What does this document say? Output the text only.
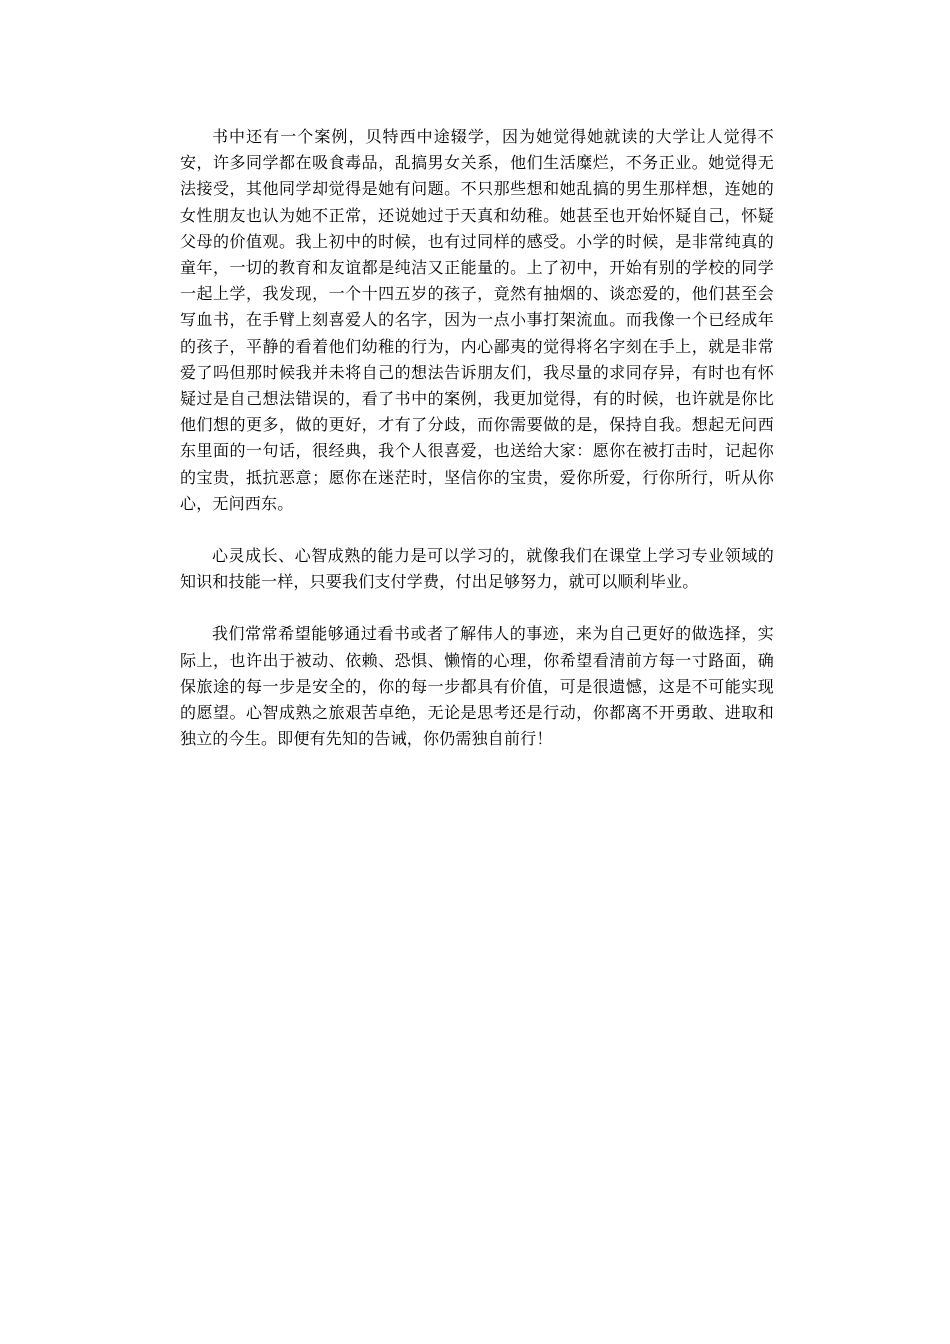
书中还有一个案例，贝特西中途辍学，因为她觉得她就读的大学让人觉得不安，许多同学都在吸食毒品，乱搞男女关系，他们生活糜烂，不务正业。她觉得无法接受，其他同学却觉得是她有问题。不只那些想和她乱搞的男生那样想，连她的女性朋友也认为她不正常，还说她过于天真和幼稚。她甚至也开始怀疑自己，怀疑父母的价值观。我上初中的时候，也有过同样的感受。小学的时候，是非常纯真的童年，一切的教育和友谊都是纯洁又正能量的。上了初中，开始有别的学校的同学一起上学，我发现，一个十四五岁的孩子，竟然有抽烟的、谈恋爱的，他们甚至会写血书，在手臂上刻喜爱人的名字，因为一点小事打架流血。而我像一个已经成年的孩子，平静的看着他们幼稚的行为，内心鄙夷的觉得将名字刻在手上，就是非常爱了吗但那时候我并未将自己的想法告诉朋友们，我尽量的求同存异，有时也有怀疑过是自己想法错误的，看了书中的案例，我更加觉得，有的时候，也许就是你比他们想的更多，做的更好，才有了分歧，而你需要做的是，保持自我。想起无问西东里面的一句话，很经典，我个人很喜爱，也送给大家：愿你在被打击时，记起你的宝贵，抵抗恶意；愿你在迷茫时，坚信你的宝贵，爱你所爱，行你所行，听从你心，无问西东。

心灵成长、心智成熟的能力是可以学习的，就像我们在课堂上学习专业领域的知识和技能一样，只要我们支付学费，付出足够努力，就可以顺利毕业。

我们常常希望能够通过看书或者了解伟人的事迹，来为自己更好的做选择，实际上，也许出于被动、依赖、恐惧、懒惰的心理，你希望看清前方每一寸路面，确保旅途的每一步是安全的，你的每一步都具有价值，可是很遗憾，这是不可能实现的愿望。心智成熟之旅艰苦卓绝，无论是思考还是行动，你都离不开勇敢、进取和独立的今生。即便有先知的告诫，你仍需独自前行！
